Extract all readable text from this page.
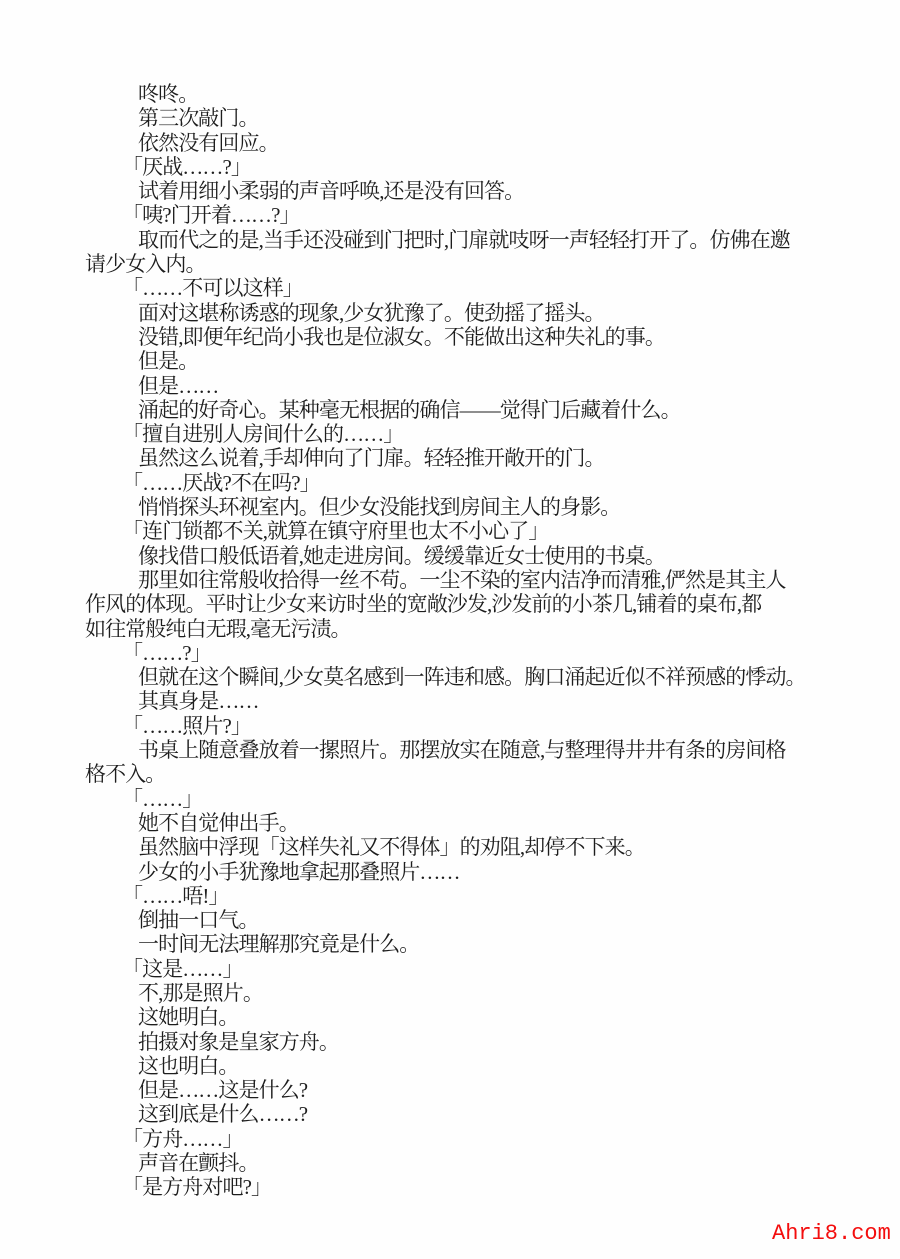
咚咚。
第三次敲门。
依然没有回应。
「厌战……?」
试着用细小柔弱的声音呼唤,还是没有回答。
「咦?门开着……?」
取而代之的是,当手还没碰到门把时,门扉就吱呀一声轻轻打开了。仿佛在邀
请少女入内。
「……不可以这样」
面对这堪称诱惑的现象,少女犹豫了。使劲摇了摇头。
没错,即便年纪尚小我也是位淑女。不能做出这种失礼的事。
但是。
但是……
涌起的好奇心。某种毫无根据的确信——觉得门后藏着什么。
「擅自进别人房间什么的……」
虽然这么说着,手却伸向了门扉。轻轻推开敞开的门。
「……厌战?不在吗?」
悄悄探头环视室内。但少女没能找到房间主人的身影。
「连门锁都不关,就算在镇守府里也太不小心了」
像找借口般低语着,她走进房间。缓缓靠近女士使用的书桌。
那里如往常般收拾得一丝不苟。一尘不染的室内洁净而清雅,俨然是其主人
作风的体现。平时让少女来访时坐的宽敞沙发,沙发前的小茶几,铺着的桌布,都
如往常般纯白无瑕,毫无污渍。
「……?」
但就在这个瞬间,少女莫名感到一阵违和感。胸口涌起近似不祥预感的悸动。
其真身是……
「……照片?」
书桌上随意叠放着一摞照片。那摆放实在随意,与整理得井井有条的房间格
格不入。
「……」
她不自觉伸出手。
虽然脑中浮现「这样失礼又不得体」的劝阻,却停不下来。
少女的小手犹豫地拿起那叠照片……
「……唔!」
倒抽一口气。
一时间无法理解那究竟是什么。
「这是……」
不,那是照片。
这她明白。
拍摄对象是皇家方舟。
这也明白。
但是……这是什么?
这到底是什么……?
「方舟……」
声音在颤抖。
「是方舟对吧?」
Ahri8.com
